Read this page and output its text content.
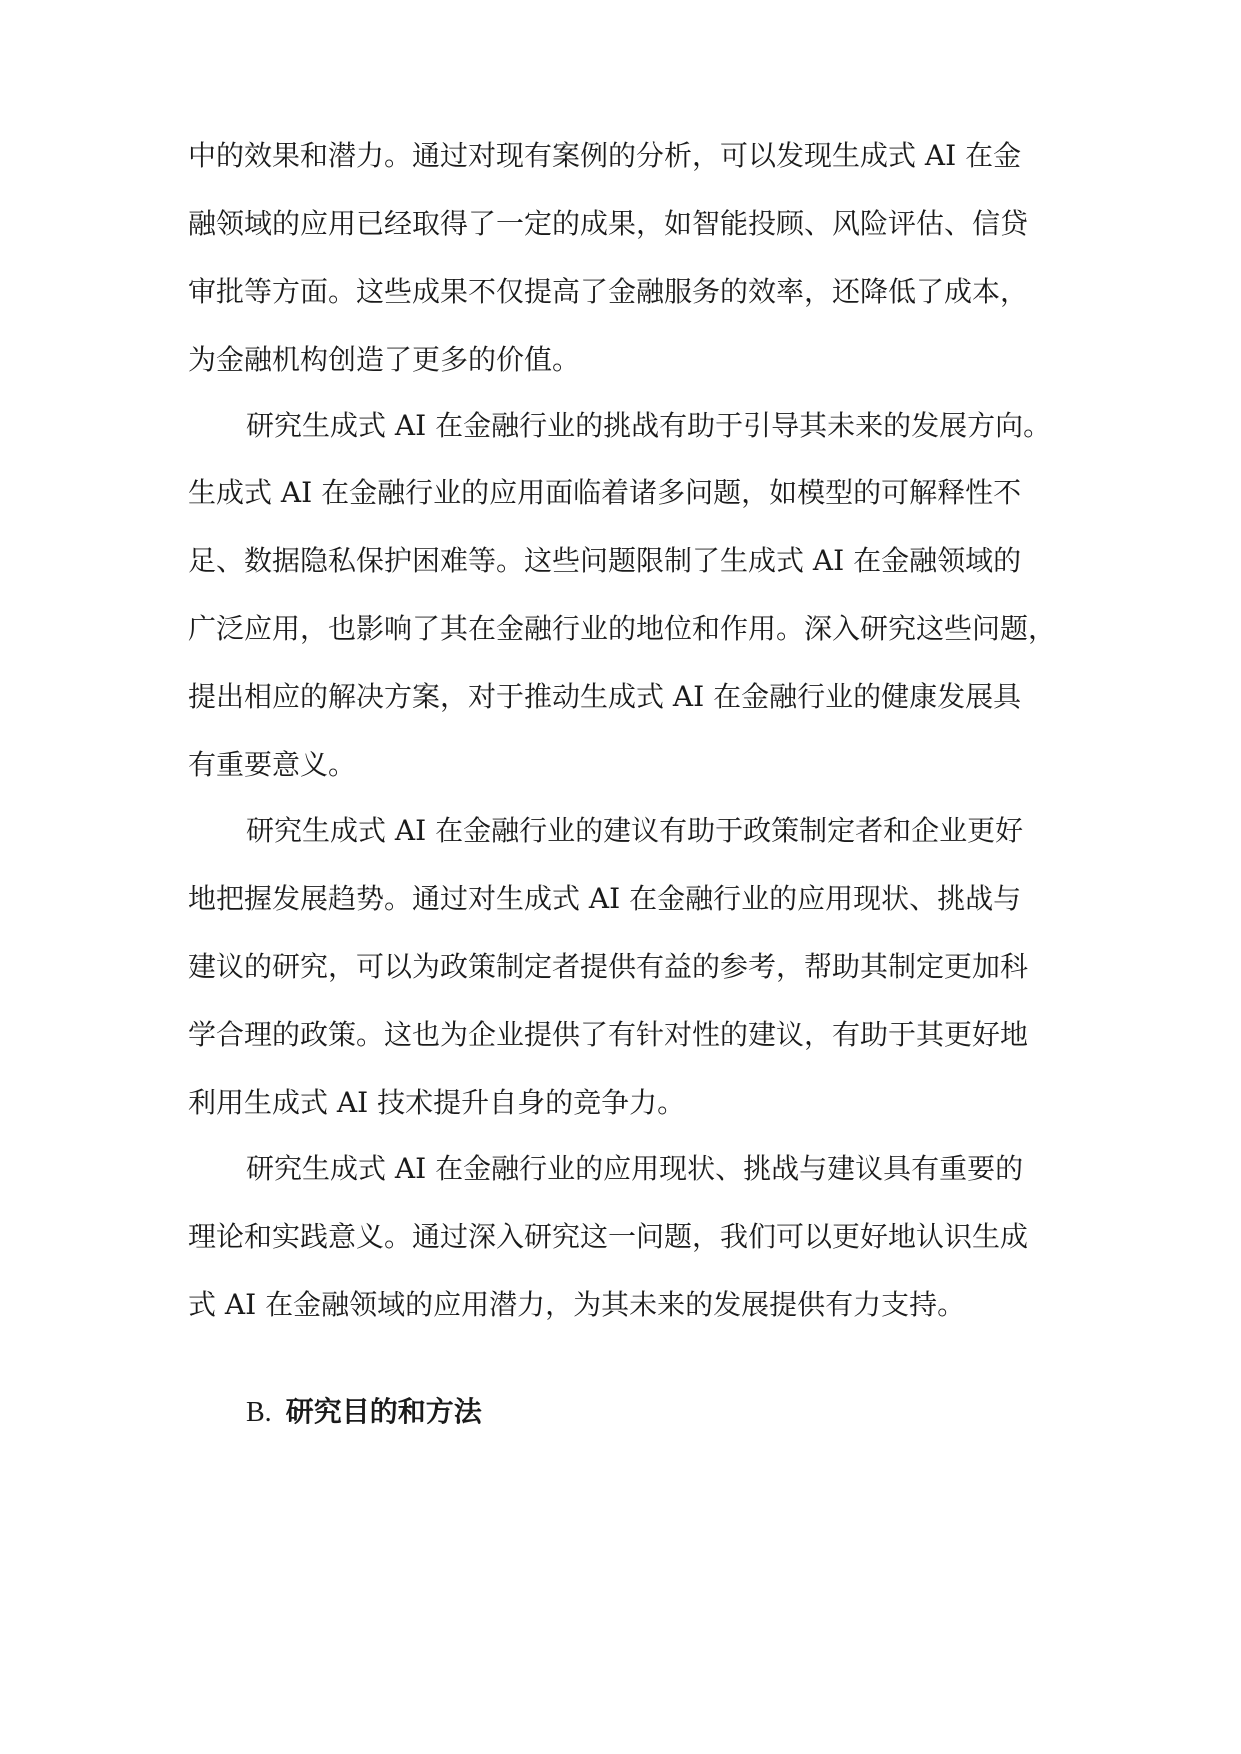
中的效果和潜力。通过对现有案例的分析，可以发现生成式 AI 在金
融领域的应用已经取得了一定的成果，如智能投顾、风险评估、信贷
审批等方面。这些成果不仅提高了金融服务的效率，还降低了成本，
为金融机构创造了更多的价值。
研究生成式 AI 在金融行业的挑战有助于引导其未来的发展方向。
生成式 AI 在金融行业的应用面临着诸多问题，如模型的可解释性不
足、数据隐私保护困难等。这些问题限制了生成式 AI 在金融领域的
广泛应用，也影响了其在金融行业的地位和作用。深入研究这些问题，
提出相应的解决方案，对于推动生成式 AI 在金融行业的健康发展具
有重要意义。
研究生成式 AI 在金融行业的建议有助于政策制定者和企业更好
地把握发展趋势。通过对生成式 AI 在金融行业的应用现状、挑战与
建议的研究，可以为政策制定者提供有益的参考，帮助其制定更加科
学合理的政策。这也为企业提供了有针对性的建议，有助于其更好地
利用生成式 AI 技术提升自身的竞争力。
研究生成式 AI 在金融行业的应用现状、挑战与建议具有重要的
理论和实践意义。通过深入研究这一问题，我们可以更好地认识生成
式 AI 在金融领域的应用潜力，为其未来的发展提供有力支持。
B. 研究目的和方法
